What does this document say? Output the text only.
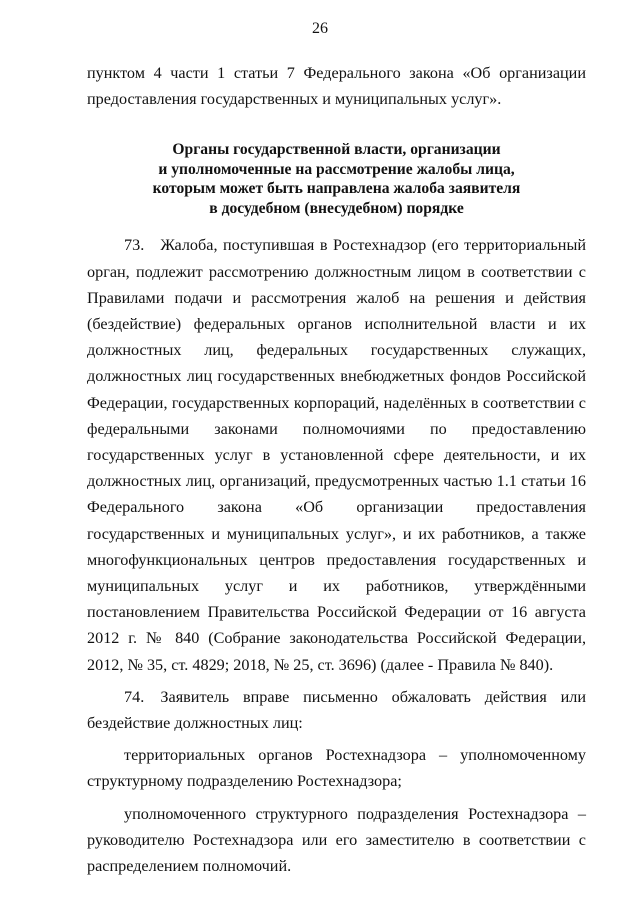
26

пунктом 4 части 1 статьи 7 Федерального закона «Об организации предоставления государственных и муниципальных услуг».

Органы государственной власти, организации
и уполномоченные на рассмотрение жалобы лица,
которым может быть направлена жалоба заявителя
в досудебном (внесудебном) порядке

73. Жалоба, поступившая в Ростехнадзор (его территориальный орган, подлежит рассмотрению должностным лицом в соответствии с Правилами подачи и рассмотрения жалоб на решения и действия (бездействие) федеральных органов исполнительной власти и их должностных лиц, федеральных государственных служащих, должностных лиц государственных внебюджетных фондов Российской Федерации, государственных корпораций, наделённых в соответствии с федеральными законами полномочиями по предоставлению государственных услуг в установленной сфере деятельности, и их должностных лиц, организаций, предусмотренных частью 1.1 статьи 16 Федерального закона «Об организации предоставления государственных и муниципальных услуг», и их работников, а также многофункциональных центров предоставления государственных и муниципальных услуг и их работников, утверждёнными постановлением Правительства Российской Федерации от 16 августа 2012 г. № 840 (Собрание законодательства Российской Федерации, 2012, № 35, ст. 4829; 2018, № 25, ст. 3696) (далее - Правила № 840).

74. Заявитель вправе письменно обжаловать действия или бездействие должностных лиц:

территориальных органов Ростехнадзора – уполномоченному структурному подразделению Ростехнадзора;

уполномоченного структурного подразделения Ростехнадзора – руководителю Ростехнадзора или его заместителю в соответствии с распределением полномочий.
